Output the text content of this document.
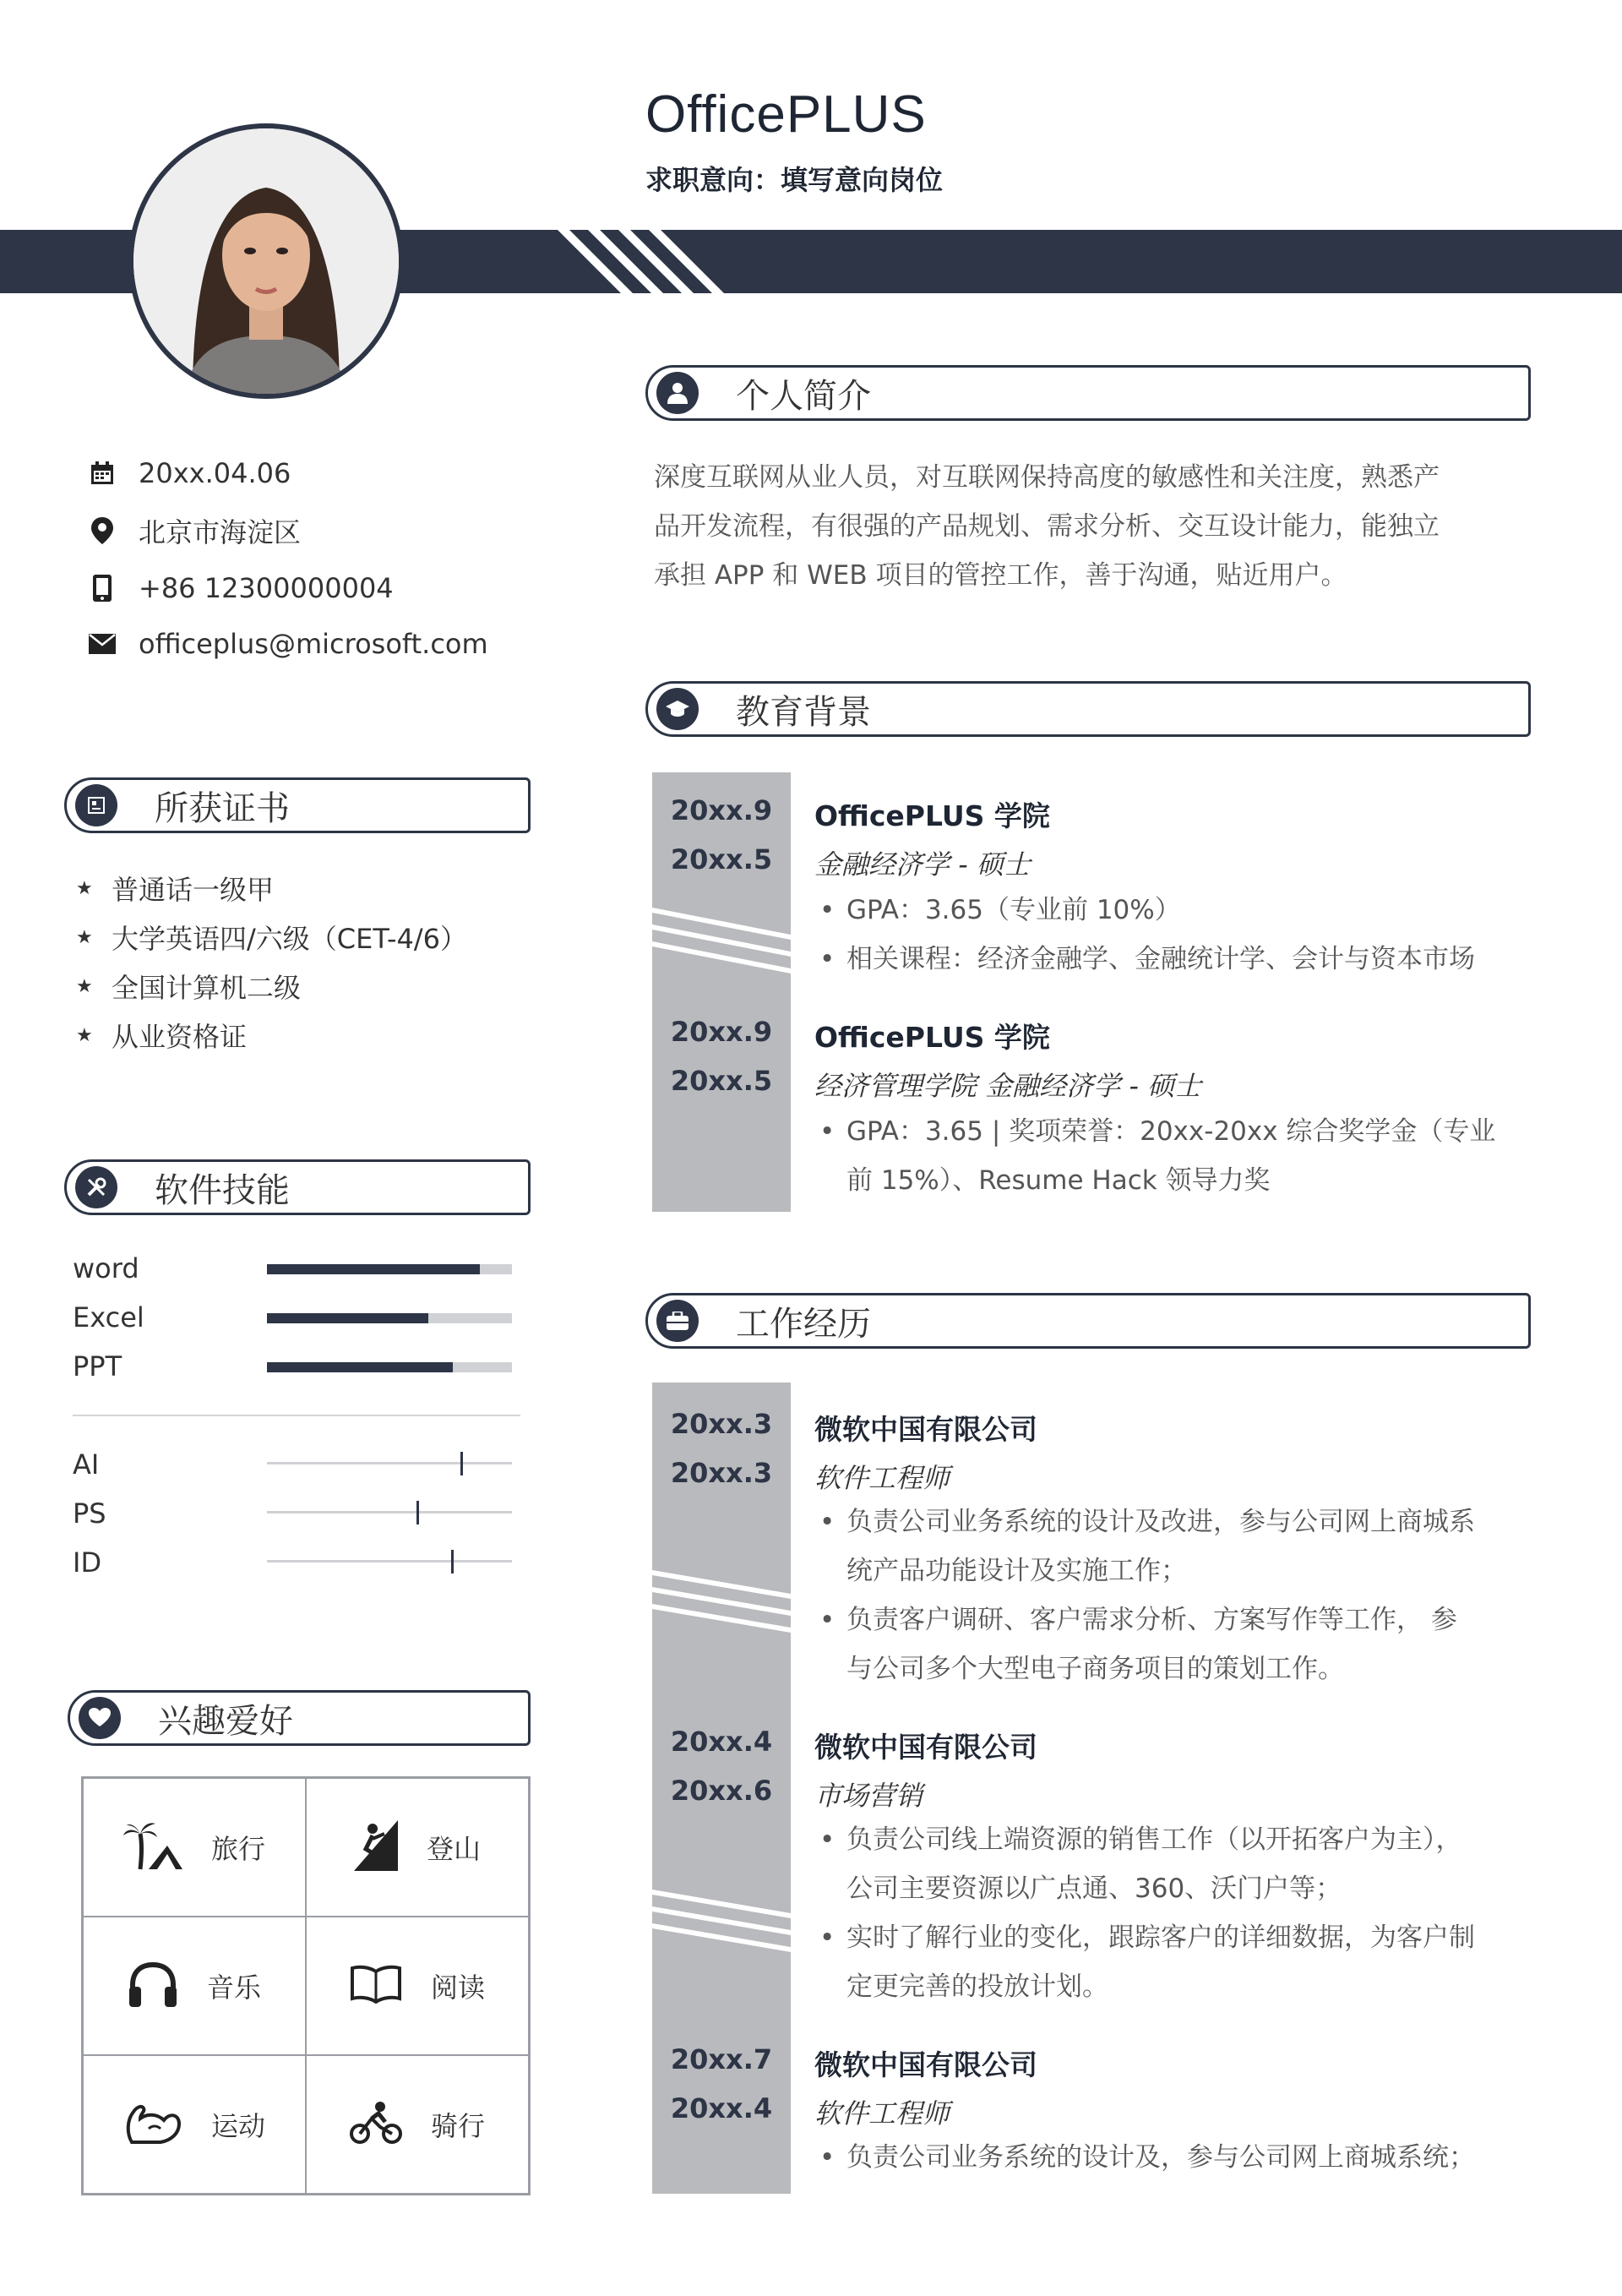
OfficePLUS
求职意向：填写意向岗位
20xx.04.06
北京市海淀区
+86 12300000004
officeplus@microsoft.com
所获证书
★ 普通话一级甲
★ 大学英语四/六级（CET-4/6）
★ 全国计算机二级
★ 从业资格证
软件技能
word
Excel
PPT
AI
PS
ID
兴趣爱好
旅行	登山
音乐	阅读
运动	骑行
个人简介
深度互联网从业人员，对互联网保持高度的敏感性和关注度，熟悉产
品开发流程，有很强的产品规划、需求分析、交互设计能力，能独立
承担 APP 和 WEB 项目的管控工作，善于沟通，贴近用户。
教育背景
20xx.9
20xx.5
OfficePLUS 学院
金融经济学 - 硕士
• GPA：3.65（专业前 10%）
• 相关课程：经济金融学、金融统计学、会计与资本市场
20xx.9
20xx.5
OfficePLUS 学院
经济管理学院 金融经济学 - 硕士
• GPA：3.65 | 奖项荣誉：20xx-20xx 综合奖学金（专业
前 15%）、Resume Hack 领导力奖
工作经历
20xx.3
20xx.3
微软中国有限公司
软件工程师
• 负责公司业务系统的设计及改进，参与公司网上商城系
统产品功能设计及实施工作；
• 负责客户调研、客户需求分析、方案写作等工作， 参
与公司多个大型电子商务项目的策划工作。
20xx.4
20xx.6
微软中国有限公司
市场营销
• 负责公司线上端资源的销售工作（以开拓客户为主），
公司主要资源以广点通、360、沃门户等；
• 实时了解行业的变化，跟踪客户的详细数据，为客户制
定更完善的投放计划。
20xx.7
20xx.4
微软中国有限公司
软件工程师
• 负责公司业务系统的设计及，参与公司网上商城系统；
